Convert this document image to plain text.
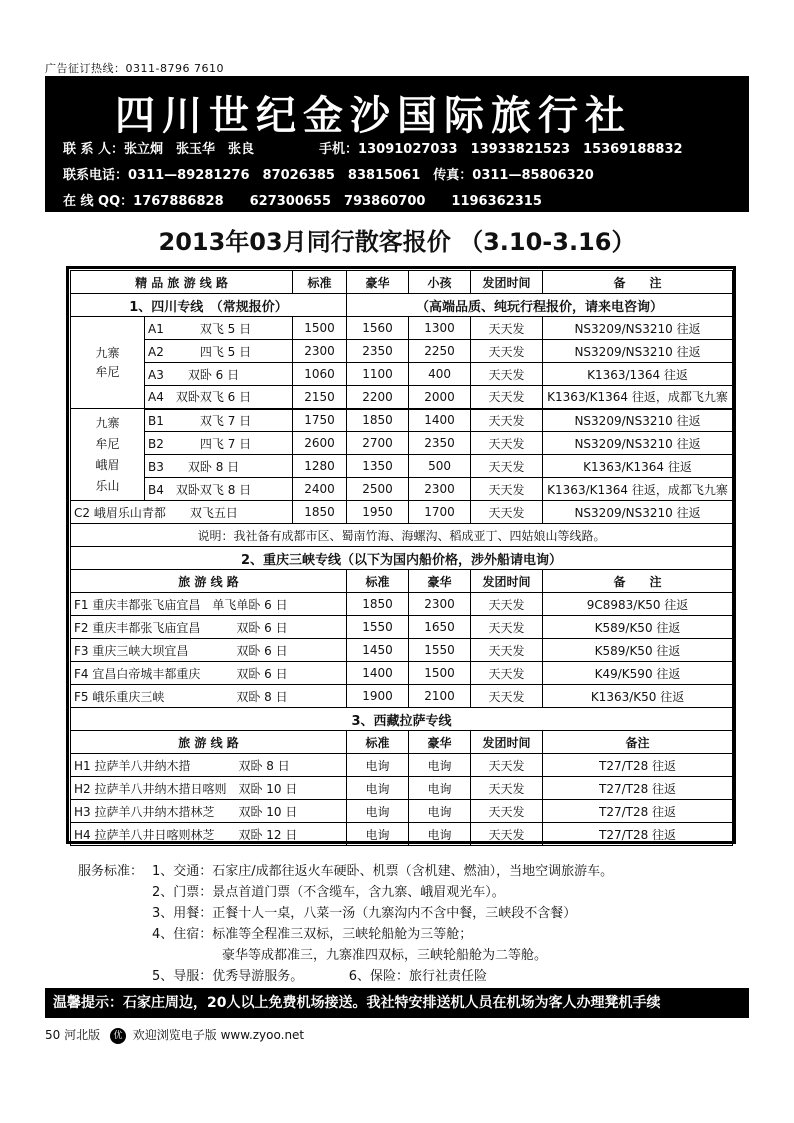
广告征订热线：0311-8796 7610
四川世纪金沙国际旅行社
联 系 人：张立炯　张玉华　张良　　　　　手机：13091027033　13933821523　15369188832
联系电话：0311—89281276　87026385　83815061　传真：0311—85806320
在 线 QQ：1767886828　　627300655　793860700　　1196362315
2013年03月同行散客报价 （3.10-3.16）
精 品 旅 游 线 路		标准	豪华	小孩	发团时间	备　　注
1、四川专线　（常规报价）			（高端品质、纯玩行程报价，请来电咨询）			
九寨
牟尼	A1　　　 双飞 5 日	1500	1560	1300	天天发	NS3209/NS3210 往返
	A2　　　 四飞 5 日	2300	2350	2250	天天发	NS3209/NS3210 往返
	A3　　 双卧 6 日	1060	1100	400	天天发	K1363/1364 往返
	A4　 双卧双飞 6 日	2150	2200	2000	天天发	K1363/K1364 往返，成都飞九寨
九寨
牟尼
峨眉
乐山	B1　　　 双飞 7 日	1750	1850	1400	天天发	NS3209/NS3210 往返
	B2　　　 四飞 7 日	2600	2700	2350	天天发	NS3209/NS3210 往返
	B3　　 双卧 8 日	1280	1350	500	天天发	K1363/K1364 往返
	B4　 双卧双飞 8 日	2400	2500	2300	天天发	K1363/K1364 往返，成都飞九寨
C2 峨眉乐山青都　　 双飞五日		1850	1950	1700	天天发	NS3209/NS3210 往返
说明：我社备有成都市区、蜀南竹海、海螺沟、稻成亚丁、四姑娘山等线路。						
2、重庆三峡专线（以下为国内船价格，涉外船请电询）						
旅 游 线 路			标准	豪华	发团时间	备　　注
F1 重庆丰都张飞庙宜昌　单飞单卧 6 日			1850	2300	天天发	9C8983/K50 往返
F2 重庆丰都张飞庙宜昌　　　双卧 6 日			1550	1650	天天发	K589/K50 往返
F3 重庆三峡大坝宜昌　　　　双卧 6 日			1450	1550	天天发	K589/K50 往返
F4 宜昌白帝城丰都重庆　　　双卧 6 日			1400	1500	天天发	K49/K590 往返
F5 峨乐重庆三峡　　　　　　双卧 8 日			1900	2100	天天发	K1363/K50 往返
3、西藏拉萨专线						
旅 游 线 路			标准	豪华	发团时间	备注
H1 拉萨羊八井纳木措　　　　双卧 8 日			电询	电询	天天发	T27/T28 往返
H2 拉萨羊八井纳木措日喀则　双卧 10 日			电询	电询	天天发	T27/T28 往返
H3 拉萨羊八井纳木措林芝　　双卧 10 日			电询	电询	天天发	T27/T28 往返
H4 拉萨羊八井日喀则林芝　　双卧 12 日			电询	电询	天天发	T27/T28 往返
服务标准： 1、交通：石家庄/成都往返火车硬卧、机票（含机建、燃油），当地空调旅游车。
2、门票：景点首道门票（不含缆车，含九寨、峨眉观光车）。
3、用餐：正餐十人一桌，八菜一汤（九寨沟内不含中餐，三峡段不含餐）
4、住宿：标准等全程准三双标，三峡轮船舱为三等舱；
豪华等成都准三，九寨准四双标，三峡轮船舱为二等舱。
5、导服：优秀导游服务。　　　　6、保险：旅行社责任险
温馨提示：石家庄周边，20人以上免费机场接送。我社特安排送机人员在机场为客人办理凳机手续
50 河北版 优 欢迎浏览电子版 www.zyoo.net
